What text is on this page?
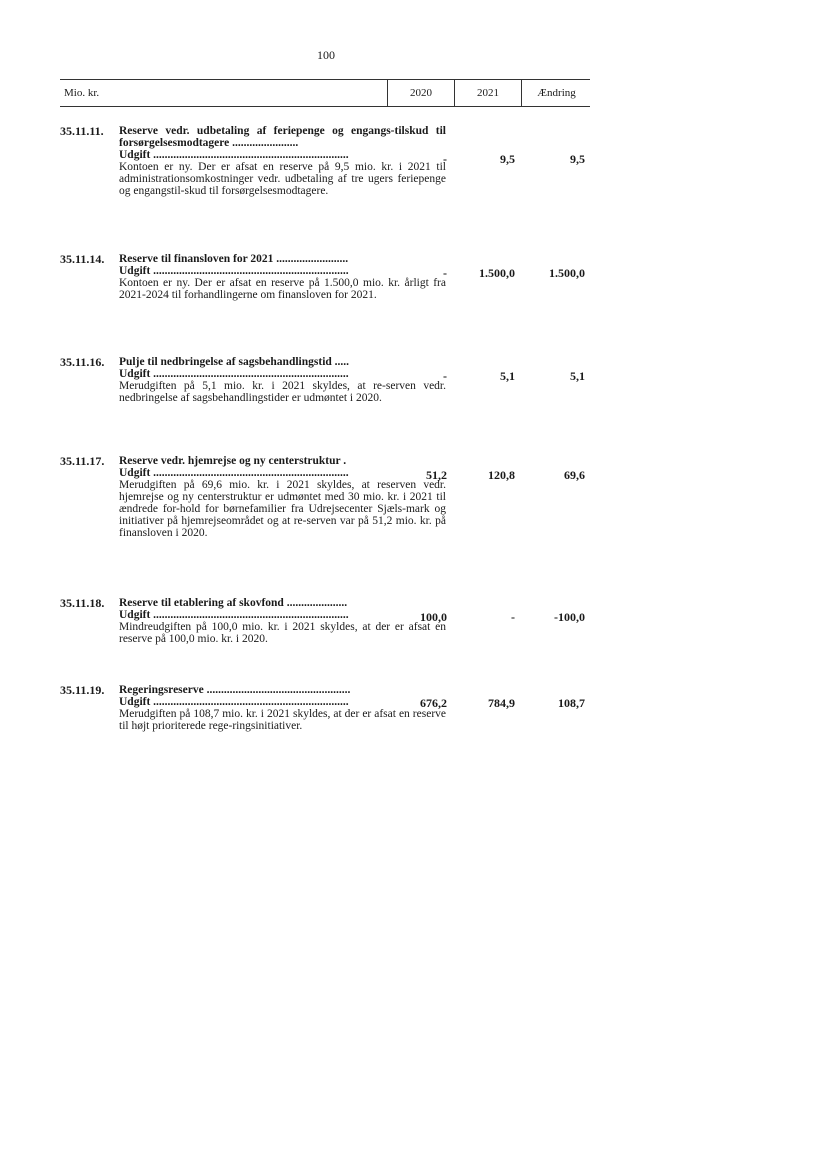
100
Mio. kr.	2020	2021	Ændring
35.11.11. Reserve vedr. udbetaling af feriepenge og engangs-tilskud til forsørgelsesmodtagere .......................
Udgift ....................................................................
Kontoen er ny. Der er afsat en reserve på 9,5 mio. kr. i 2021 til administrationsomkostninger vedr. udbetaling af tre ugers feriepenge og engangstil-skud til forsørgelsesmodtagere.
-	9,5	9,5
35.11.14. Reserve til finansloven for 2021 .........................
Udgift ....................................................................
Kontoen er ny. Der er afsat en reserve på 1.500,0 mio. kr. årligt fra 2021-2024 til forhandlingerne om finansloven for 2021.
-	1.500,0	1.500,0
35.11.16. Pulje til nedbringelse af sagsbehandlingstid .....
Udgift ....................................................................
Merudgiften på 5,1 mio. kr. i 2021 skyldes, at re-serven vedr. nedbringelse af sagsbehandlingstider er udmøntet i 2020.
-	5,1	5,1
35.11.17. Reserve vedr. hjemrejse og ny centerstruktur .
Udgift ....................................................................
Merudgiften på 69,6 mio. kr. i 2021 skyldes, at reserven vedr. hjemrejse og ny centerstruktur er udmøntet med 30 mio. kr. i 2021 til ændrede for-hold for børnefamilier fra Udrejsecenter Sjæls-mark og initiativer på hjemrejseområdet og at re-serven var på 51,2 mio. kr. på finansloven i 2020.
51,2	120,8	69,6
35.11.18. Reserve til etablering af skovfond .....................
Udgift ....................................................................
Mindreudgiften på 100,0 mio. kr. i 2021 skyldes, at der er afsat en reserve på 100,0 mio. kr. i 2020.
100,0	-	-100,0
35.11.19. Regeringsreserve ..................................................
Udgift ....................................................................
Merudgiften på 108,7 mio. kr. i 2021 skyldes, at der er afsat en reserve til højt prioriterede rege-ringsinitiativer.
676,2	784,9	108,7
